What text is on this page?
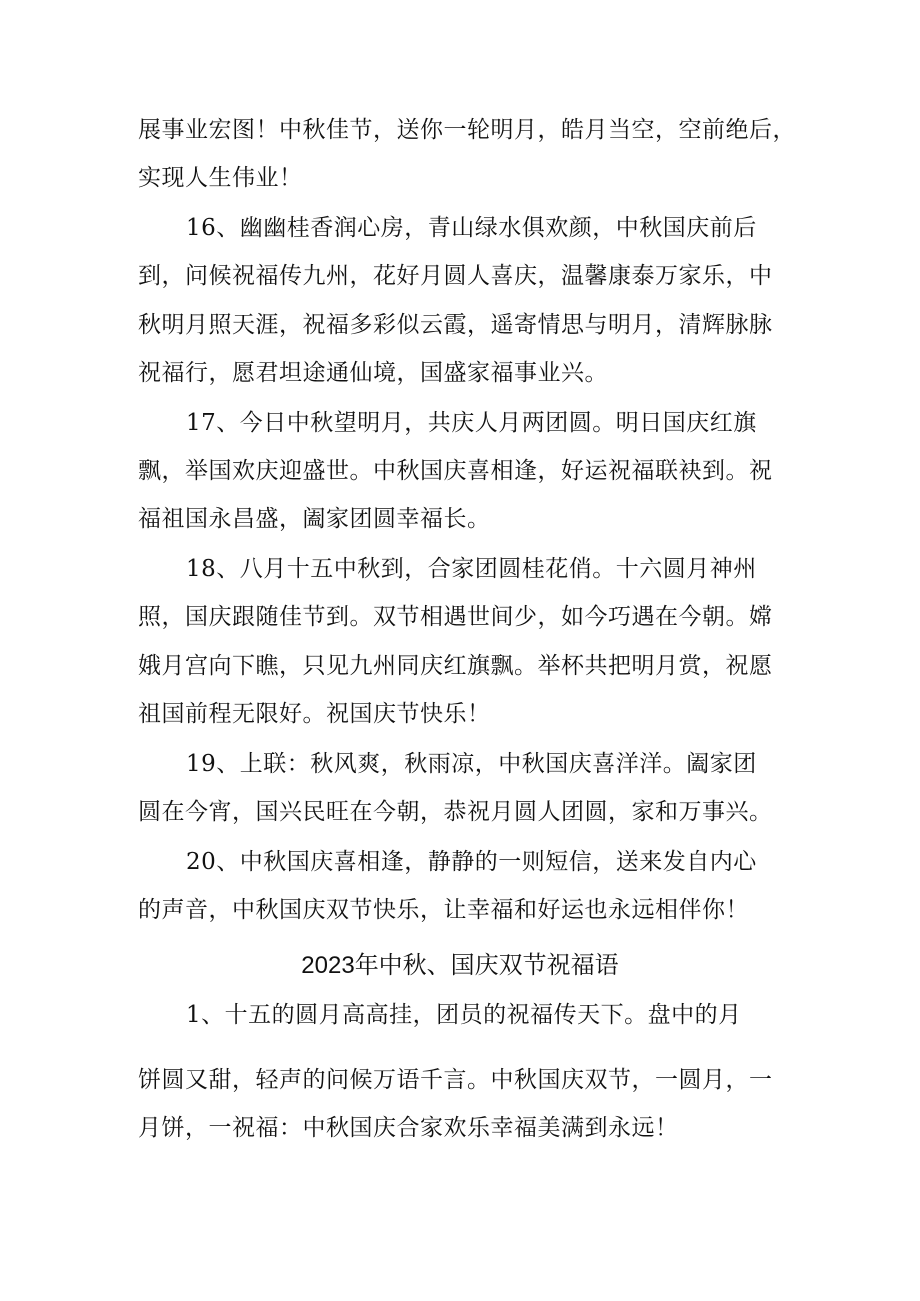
展事业宏图！中秋佳节，送你一轮明月，皓月当空，空前绝后，
实现人生伟业！
16、幽幽桂香润心房，青山绿水俱欢颜，中秋国庆前后
到，问候祝福传九州，花好月圆人喜庆，温馨康泰万家乐，中
秋明月照天涯，祝福多彩似云霞，遥寄情思与明月，清辉脉脉
祝福行，愿君坦途通仙境，国盛家福事业兴。
17、今日中秋望明月，共庆人月两团圆。明日国庆红旗
飘，举国欢庆迎盛世。中秋国庆喜相逢，好运祝福联袂到。祝
福祖国永昌盛，阖家团圆幸福长。
18、八月十五中秋到，合家团圆桂花俏。十六圆月神州
照，国庆跟随佳节到。双节相遇世间少，如今巧遇在今朝。嫦
娥月宫向下瞧，只见九州同庆红旗飘。举杯共把明月赏，祝愿
祖国前程无限好。祝国庆节快乐！
19、上联：秋风爽，秋雨凉，中秋国庆喜洋洋。阖家团
圆在今宵，国兴民旺在今朝，恭祝月圆人团圆，家和万事兴。
20、中秋国庆喜相逢，静静的一则短信，送来发自内心
的声音，中秋国庆双节快乐，让幸福和好运也永远相伴你！
2023年中秋、国庆双节祝福语
1、十五的圆月高高挂，团员的祝福传天下。盘中的月
饼圆又甜，轻声的问候万语千言。中秋国庆双节，一圆月，一
月饼，一祝福：中秋国庆合家欢乐幸福美满到永远！
